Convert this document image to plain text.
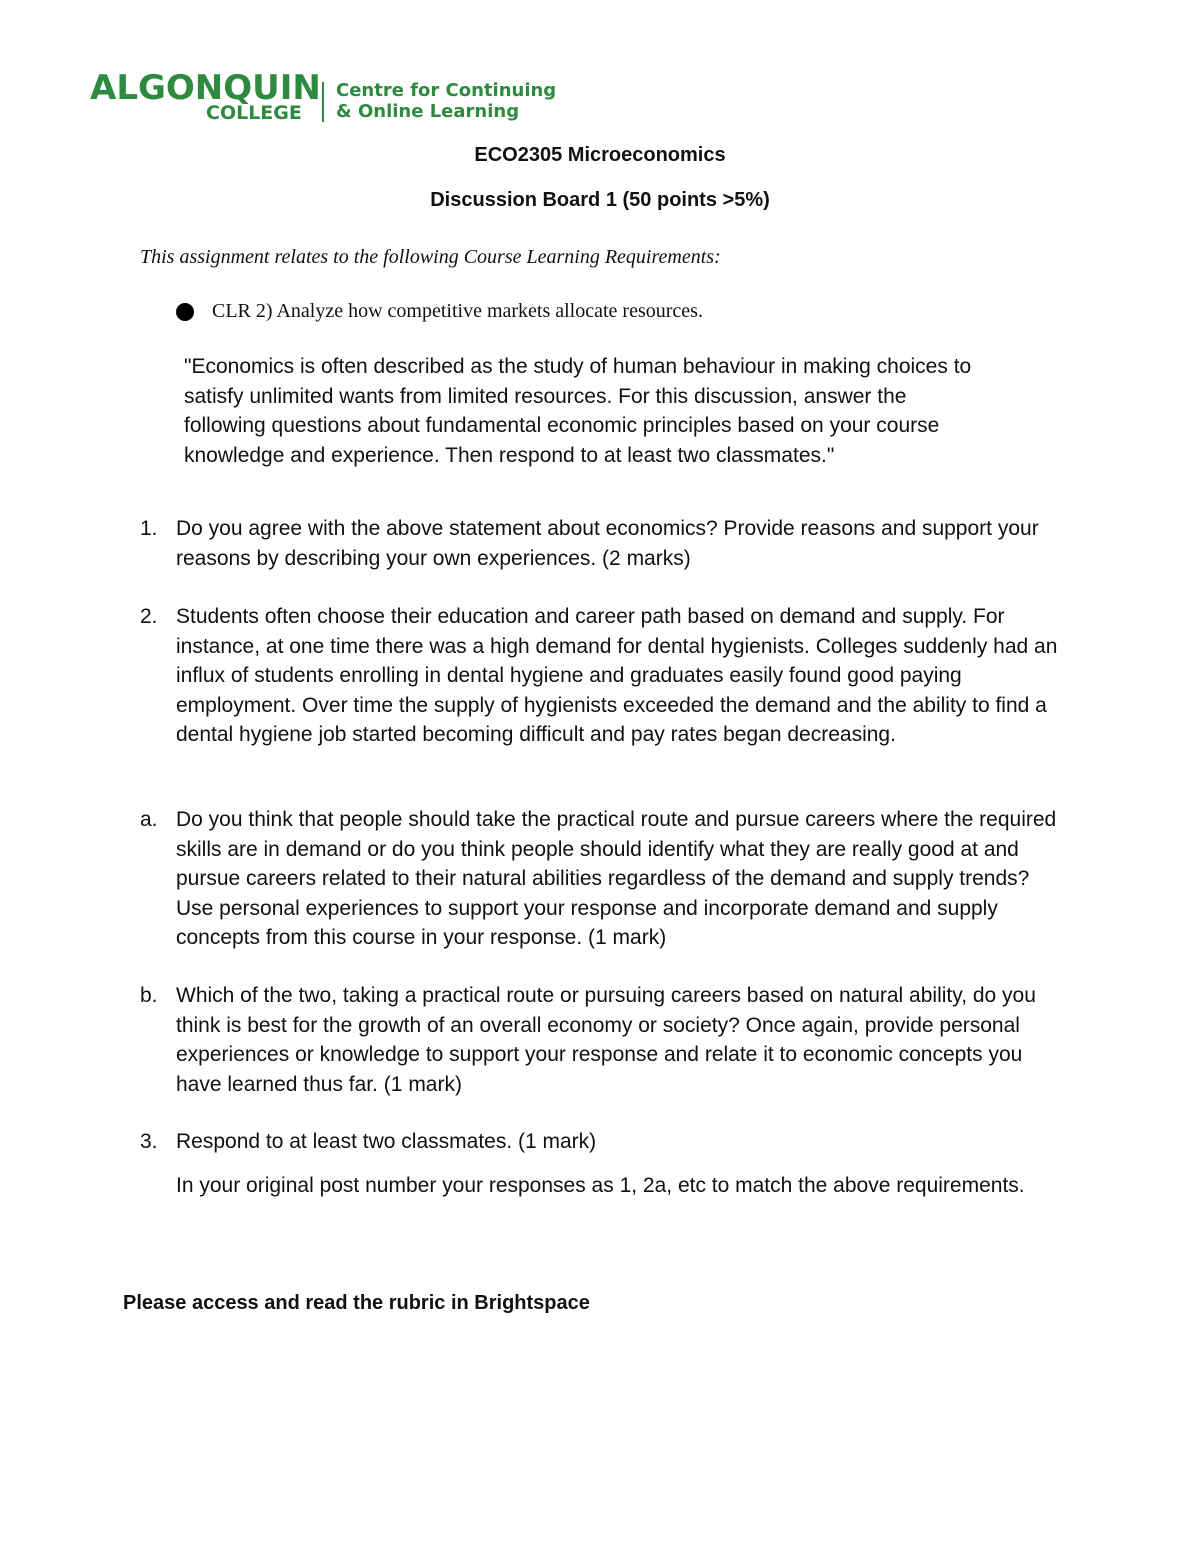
ALGONQUIN
COLLEGE
Centre for Continuing
& Online Learning
ECO2305 Microeconomics
Discussion Board 1 (50 points >5%)
This assignment relates to the following Course Learning Requirements:
CLR 2) Analyze how competitive markets allocate resources.
"Economics is often described as the study of human behaviour in making choices to satisfy unlimited wants from limited resources. For this discussion, answer the following questions about fundamental economic principles based on your course knowledge and experience. Then respond to at least two classmates."
1. Do you agree with the above statement about economics? Provide reasons and support your reasons by describing your own experiences. (2 marks)
2. Students often choose their education and career path based on demand and supply. For instance, at one time there was a high demand for dental hygienists. Colleges suddenly had an influx of students enrolling in dental hygiene and graduates easily found good paying employment. Over time the supply of hygienists exceeded the demand and the ability to find a dental hygiene job started becoming difficult and pay rates began decreasing.
a. Do you think that people should take the practical route and pursue careers where the required skills are in demand or do you think people should identify what they are really good at and pursue careers related to their natural abilities regardless of the demand and supply trends? Use personal experiences to support your response and incorporate demand and supply concepts from this course in your response. (1 mark)
b. Which of the two, taking a practical route or pursuing careers based on natural ability, do you think is best for the growth of an overall economy or society? Once again, provide personal experiences or knowledge to support your response and relate it to economic concepts you have learned thus far. (1 mark)
3. Respond to at least two classmates. (1 mark)
In your original post number your responses as 1, 2a, etc to match the above requirements.
Please access and read the rubric in Brightspace
